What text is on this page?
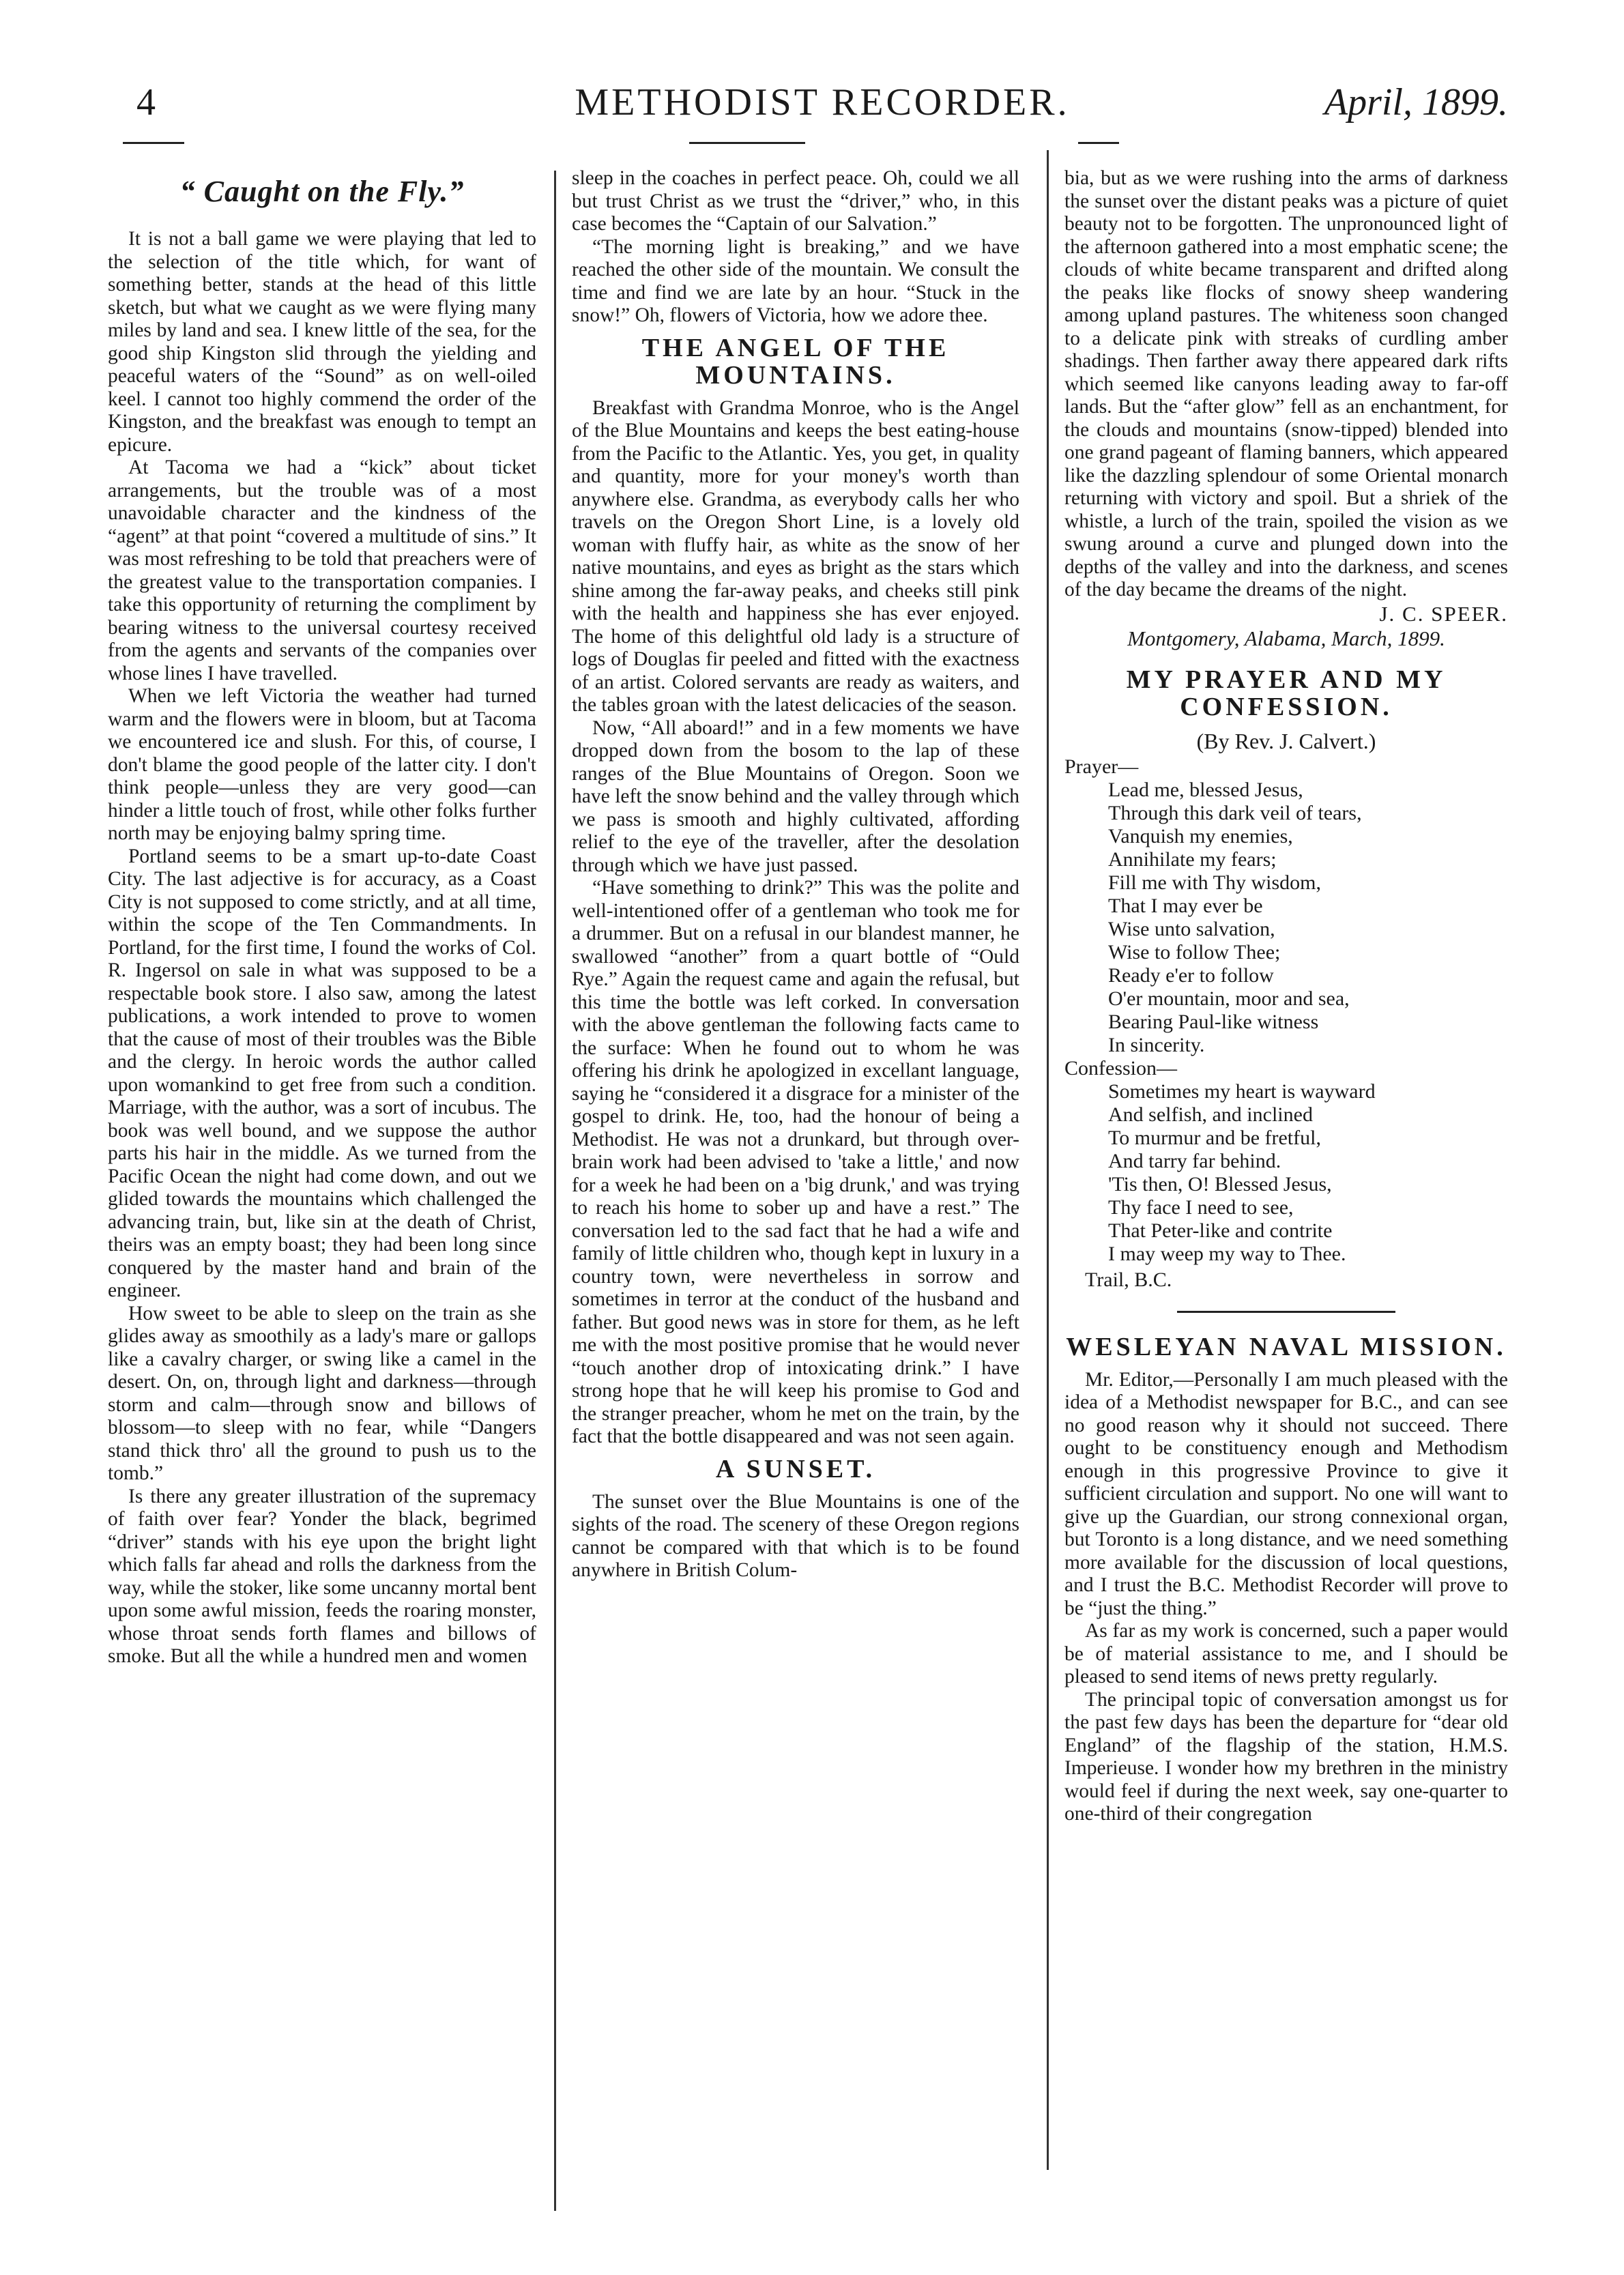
4	METHODIST RECORDER.	April, 1899.
“ Caught on the Fly.”

It is not a ball game we were playing that led to the selection of the title which, for want of something better, stands at the head of this little sketch, but what we caught as we were flying many miles by land and sea. I knew little of the sea, for the good ship Kingston slid through the yielding and peaceful waters of the “Sound” as on well-oiled keel. I cannot too highly commend the order of the Kingston, and the breakfast was enough to tempt an epicure.

At Tacoma we had a “kick” about ticket arrangements, but the trouble was of a most unavoidable character and the kindness of the “agent” at that point “covered a multitude of sins.” It was most refreshing to be told that preachers were of the greatest value to the transportation companies. I take this opportunity of returning the compliment by bearing witness to the universal courtesy received from the agents and servants of the companies over whose lines I have travelled.

When we left Victoria the weather had turned warm and the flowers were in bloom, but at Tacoma we encountered ice and slush. For this, of course, I don't blame the good people of the latter city. I don't think people—unless they are very good—can hinder a little touch of frost, while other folks further north may be enjoying balmy spring time.

Portland seems to be a smart up-to-date Coast City. The last adjective is for accuracy, as a Coast City is not supposed to come strictly, and at all time, within the scope of the Ten Commandments. In Portland, for the first time, I found the works of Col. R. Ingersol on sale in what was supposed to be a respectable book store. I also saw, among the latest publications, a work intended to prove to women that the cause of most of their troubles was the Bible and the clergy. In heroic words the author called upon womankind to get free from such a condition. Marriage, with the author, was a sort of incubus. The book was well bound, and we suppose the author parts his hair in the middle. As we turned from the Pacific Ocean the night had come down, and out we glided towards the mountains which challenged the advancing train, but, like sin at the death of Christ, theirs was an empty boast; they had been long since conquered by the master hand and brain of the engineer.

How sweet to be able to sleep on the train as she glides away as smoothily as a lady's mare or gallops like a cavalry charger, or swing like a camel in the desert. On, on, through light and darkness—through storm and calm—through snow and billows of blossom—to sleep with no fear, while “Dangers stand thick thro' all the ground to push us to the tomb.”

Is there any greater illustration of the supremacy of faith over fear? Yonder the black, begrimed “driver” stands with his eye upon the bright light which falls far ahead and rolls the darkness from the way, while the stoker, like some uncanny mortal bent upon some awful mission, feeds the roaring monster, whose throat sends forth flames and billows of smoke. But all the while a hundred men and women

sleep in the coaches in perfect peace. Oh, could we all but trust Christ as we trust the “driver,” who, in this case becomes the “Captain of our Salvation.”

“The morning light is breaking,” and we have reached the other side of the mountain. We consult the time and find we are late by an hour. “Stuck in the snow!” Oh, flowers of Victoria, how we adore thee.

THE ANGEL OF THE MOUNTAINS.

Breakfast with Grandma Monroe, who is the Angel of the Blue Mountains and keeps the best eating-house from the Pacific to the Atlantic. Yes, you get, in quality and quantity, more for your money's worth than anywhere else. Grandma, as everybody calls her who travels on the Oregon Short Line, is a lovely old woman with fluffy hair, as white as the snow of her native mountains, and eyes as bright as the stars which shine among the far-away peaks, and cheeks still pink with the health and happiness she has ever enjoyed. The home of this delightful old lady is a structure of logs of Douglas fir peeled and fitted with the exactness of an artist. Colored servants are ready as waiters, and the tables groan with the latest delicacies of the season.

Now, “All aboard!” and in a few moments we have dropped down from the bosom to the lap of these ranges of the Blue Mountains of Oregon. Soon we have left the snow behind and the valley through which we pass is smooth and highly cultivated, affording relief to the eye of the traveller, after the desolation through which we have just passed.

“Have something to drink?” This was the polite and well-intentioned offer of a gentleman who took me for a drummer. But on a refusal in our blandest manner, he swallowed “another” from a quart bottle of “Ould Rye.” Again the request came and again the refusal, but this time the bottle was left corked. In conversation with the above gentleman the following facts came to the surface: When he found out to whom he was offering his drink he apologized in excellant language, saying he “considered it a disgrace for a minister of the gospel to drink. He, too, had the honour of being a Methodist. He was not a drunkard, but through over-brain work had been advised to 'take a little,' and now for a week he had been on a 'big drunk,' and was trying to reach his home to sober up and have a rest.” The conversation led to the sad fact that he had a wife and family of little children who, though kept in luxury in a country town, were nevertheless in sorrow and sometimes in terror at the conduct of the husband and father. But good news was in store for them, as he left me with the most positive promise that he would never “touch another drop of intoxicating drink.” I have strong hope that he will keep his promise to God and the stranger preacher, whom he met on the train, by the fact that the bottle disappeared and was not seen again.

A SUNSET.

The sunset over the Blue Mountains is one of the sights of the road. The scenery of these Oregon regions cannot be compared with that which is to be found anywhere in British Colum-

bia, but as we were rushing into the arms of darkness the sunset over the distant peaks was a picture of quiet beauty not to be forgotten. The unpronounced light of the afternoon gathered into a most emphatic scene; the clouds of white became transparent and drifted along the peaks like flocks of snowy sheep wandering among upland pastures. The whiteness soon changed to a delicate pink with streaks of curdling amber shadings. Then farther away there appeared dark rifts which seemed like canyons leading away to far-off lands. But the “after glow” fell as an enchantment, for the clouds and mountains (snow-tipped) blended into one grand pageant of flaming banners, which appeared like the dazzling splendour of some Oriental monarch returning with victory and spoil. But a shriek of the whistle, a lurch of the train, spoiled the vision as we swung around a curve and plunged down into the depths of the valley and into the darkness, and scenes of the day became the dreams of the night.

J. C. SPEER.

Montgomery, Alabama, March, 1899.

MY PRAYER AND MY CONFESSION.

(By Rev. J. Calvert.)

Prayer—

Lead me, blessed Jesus,

Through this dark veil of tears,

Vanquish my enemies,

Annihilate my fears;

Fill me with Thy wisdom,

That I may ever be

Wise unto salvation,

Wise to follow Thee;

Ready e'er to follow

O'er mountain, moor and sea,

Bearing Paul-like witness

In sincerity.

Confession—

Sometimes my heart is wayward

And selfish, and inclined

To murmur and be fretful,

And tarry far behind.

'Tis then, O! Blessed Jesus,

Thy face I need to see,

That Peter-like and contrite

I may weep my way to Thee.

Trail, B.C.

WESLEYAN NAVAL MISSION.

Mr. Editor,—Personally I am much pleased with the idea of a Methodist newspaper for B.C., and can see no good reason why it should not succeed. There ought to be constituency enough and Methodism enough in this progressive Province to give it sufficient circulation and support. No one will want to give up the Guardian, our strong connexional organ, but Toronto is a long distance, and we need something more available for the discussion of local questions, and I trust the B.C. Methodist Recorder will prove to be “just the thing.”

As far as my work is concerned, such a paper would be of material assistance to me, and I should be pleased to send items of news pretty regularly.

The principal topic of conversation amongst us for the past few days has been the departure for “dear old England” of the flagship of the station, H.M.S. Imperieuse. I wonder how my brethren in the ministry would feel if during the next week, say one-quarter to one-third of their congregation
